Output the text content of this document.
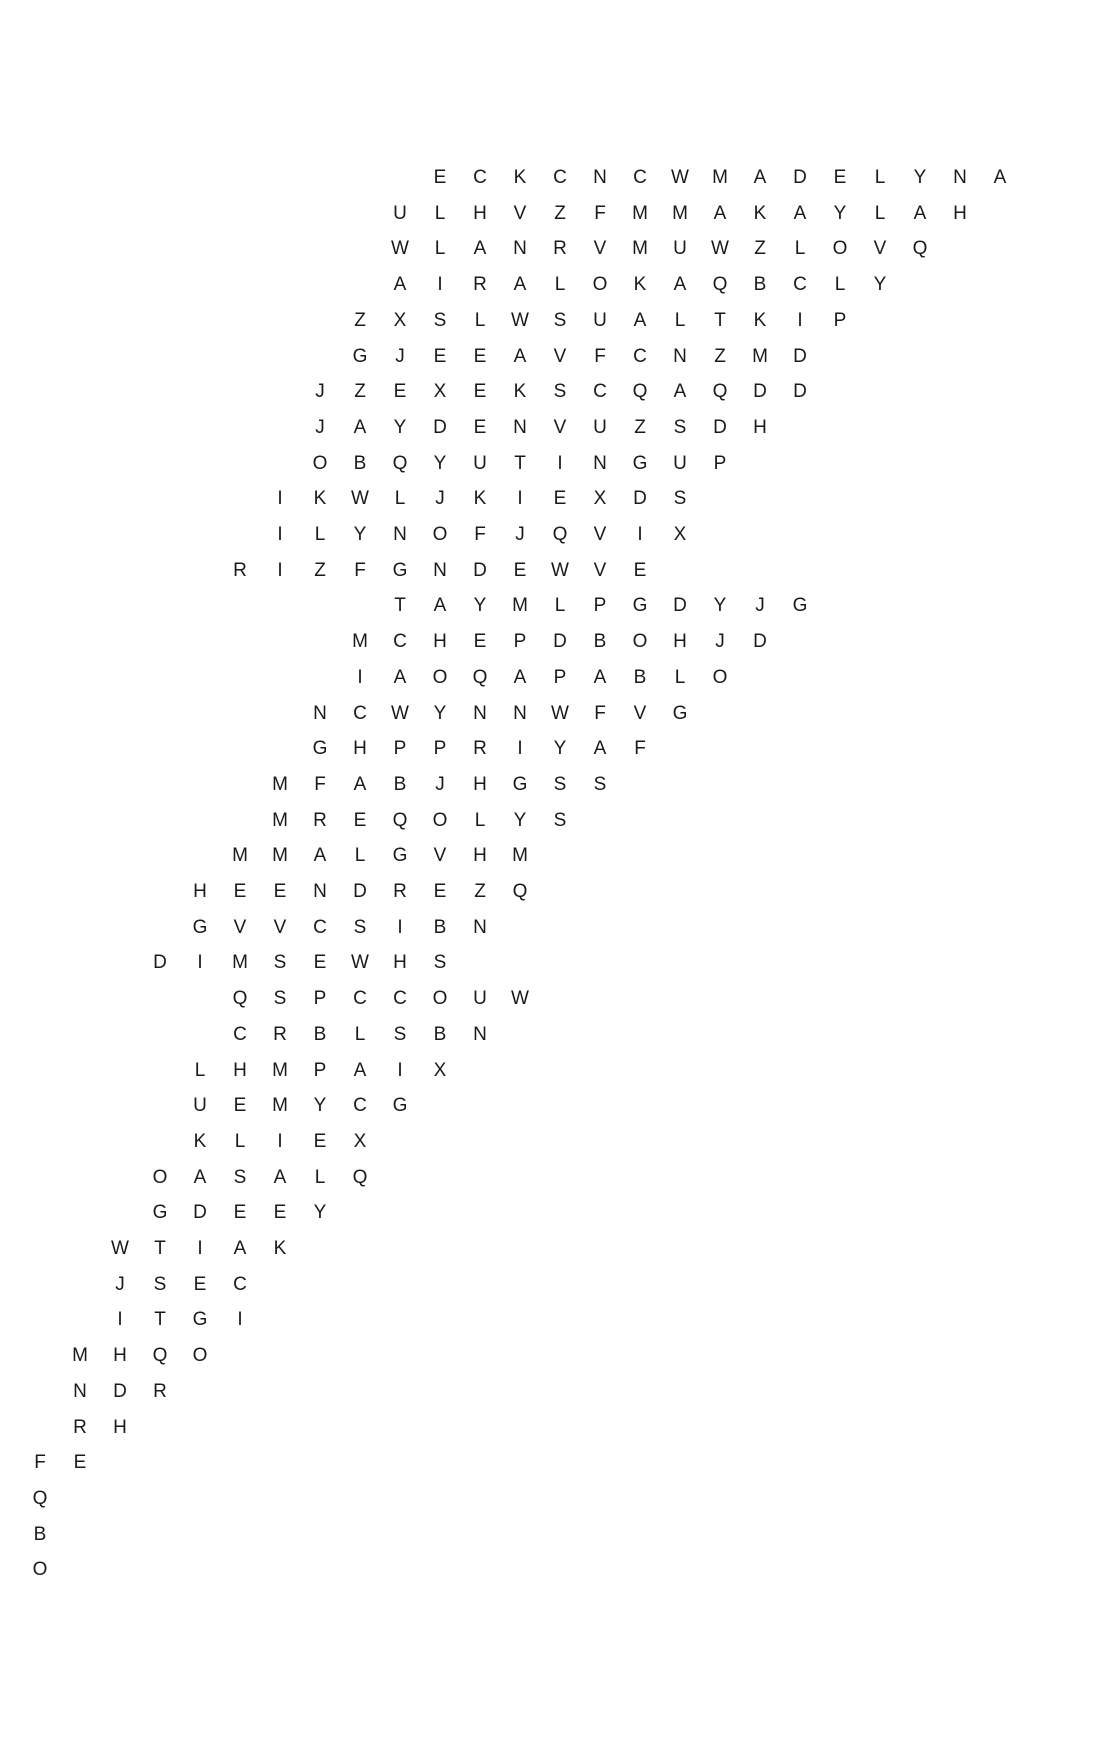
E C K C N C W M A D E L Y N A
U L H V Z F M M A K A Y L A H
W L A N R V M U W Z L O V Q
A I R A L O K A Q B C L Y
Z X S L W S U A L T K I P
G J E E A V F C N Z M D
J Z E X E K S C Q A Q D D
J A Y D E N V U Z S D H
O B Q Y U T I N G U P
I K W L J K I E X D S
I L Y N O F J Q V I X
R I Z F G N D E W V E
T A Y M L P G D Y J G
M C H E P D B O H J D
I A O Q A P A B L O
N C W Y N N W F V G
G H P P R I Y A F
M F A B J H G S S
M R E Q O L Y S
M M A L G V H M
H E E N D R E Z Q
G V V C S I B N
D I M S E W H S
Q S P C C O U W
C R B L S B N
L H M P A I X
U E M Y C G
K L I E X
O A S A L Q
G D E E Y
W T I A K
J S E C
I T G I
M H Q O
N D R
R H
F E
Q
B
O
